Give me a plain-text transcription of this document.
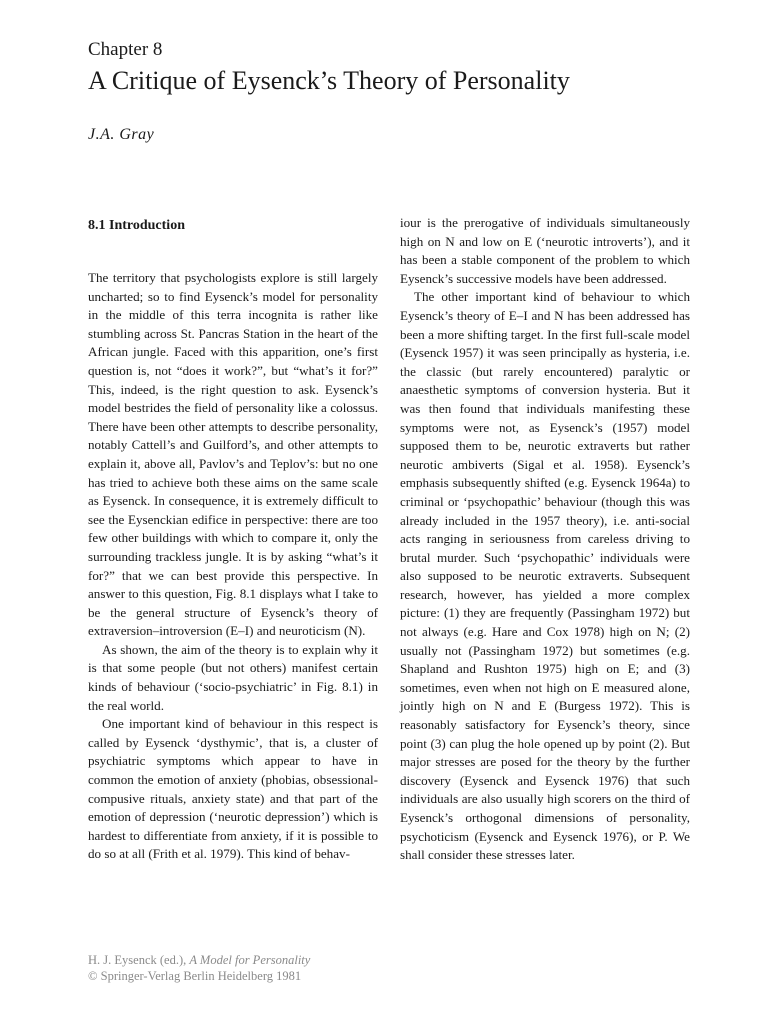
Chapter 8
A Critique of Eysenck’s Theory of Personality
J.A. Gray
8.1 Introduction

The territory that psychologists explore is still largely uncharted; so to find Eysenck’s model for personality in the middle of this terra incognita is rather like stumbling across St. Pancras Station in the heart of the African jungle. Faced with this apparition, one’s first question is, not “does it work?”, but “what’s it for?” This, indeed, is the right question to ask. Eysenck’s model bestrides the field of personality like a colossus. There have been other attempts to describe personality, notably Cattell’s and Guilford’s, and other attempts to explain it, above all, Pavlov’s and Teplov’s: but no one has tried to achieve both these aims on the same scale as Eysenck. In consequence, it is extremely difficult to see the Eysenckian edifice in perspective: there are too few other buildings with which to compare it, only the surrounding trackless jungle. It is by asking “what’s it for?” that we can best provide this perspective. In answer to this question, Fig. 8.1 displays what I take to be the general structure of Eysenck’s theory of extraversion–introversion (E–I) and neuroticism (N).

As shown, the aim of the theory is to explain why it is that some people (but not others) manifest certain kinds of behaviour (‘socio-psychiatric’ in Fig. 8.1) in the real world.

One important kind of behaviour in this respect is called by Eysenck ‘dysthymic’, that is, a cluster of psychiatric symptoms which appear to have in common the emotion of anxiety (phobias, obsessional-compusive rituals, anxiety state) and that part of the emotion of depression (‘neurotic depression’) which is hardest to differentiate from anxiety, if it is possible to do so at all (Frith et al. 1979). This kind of behav-

iour is the prerogative of individuals simultaneously high on N and low on E (‘neurotic introverts’), and it has been a stable component of the problem to which Eysenck’s successive models have been addressed.

The other important kind of behaviour to which Eysenck’s theory of E–I and N has been addressed has been a more shifting target. In the first full-scale model (Eysenck 1957) it was seen principally as hysteria, i.e. the classic (but rarely encountered) paralytic or anaesthetic symptoms of conversion hysteria. But it was then found that individuals manifesting these symptoms were not, as Eysenck’s (1957) model supposed them to be, neurotic extraverts but rather neurotic ambiverts (Sigal et al. 1958). Eysenck’s emphasis subsequently shifted (e.g. Eysenck 1964a) to criminal or ‘psychopathic’ behaviour (though this was already included in the 1957 theory), i.e. anti-social acts ranging in seriousness from careless driving to brutal murder. Such ‘psychopathic’ individuals were also supposed to be neurotic extraverts. Subsequent research, however, has yielded a more complex picture: (1) they are frequently (Passingham 1972) but not always (e.g. Hare and Cox 1978) high on N; (2) usually not (Passingham 1972) but sometimes (e.g. Shapland and Rushton 1975) high on E; and (3) sometimes, even when not high on E measured alone, jointly high on N and E (Burgess 1972). This is reasonably satisfactory for Eysenck’s theory, since point (3) can plug the hole opened up by point (2). But major stresses are posed for the theory by the further discovery (Eysenck and Eysenck 1976) that such individuals are also usually high scorers on the third of Eysenck’s orthogonal dimensions of personality, psychoticism (Eysenck and Eysenck 1976), or P. We shall consider these stresses later.

H. J. Eysenck (ed.), A Model for Personality
© Springer-Verlag Berlin Heidelberg 1981
